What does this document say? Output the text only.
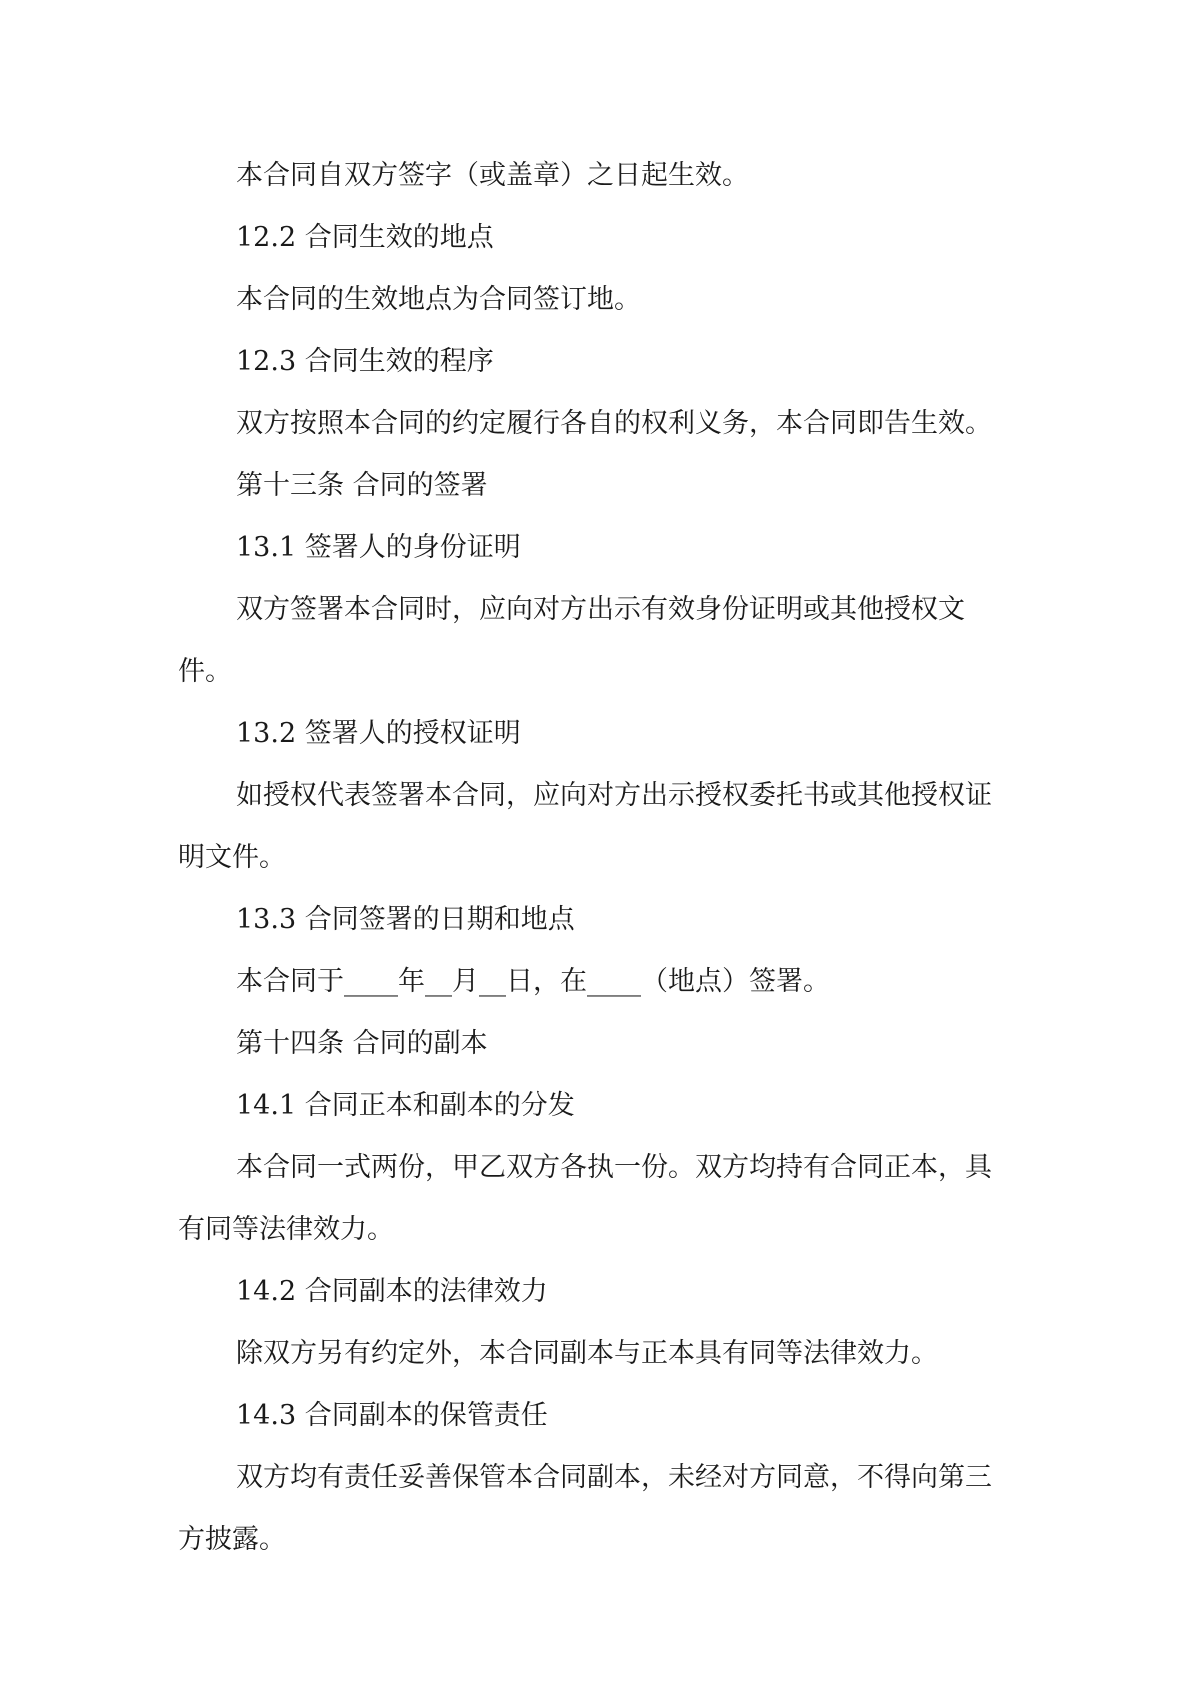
本合同自双方签字（或盖章）之日起生效。

12.2 合同生效的地点

本合同的生效地点为合同签订地。

12.3 合同生效的程序

双方按照本合同的约定履行各自的权利义务，本合同即告生效。

第十三条 合同的签署

13.1 签署人的身份证明

双方签署本合同时，应向对方出示有效身份证明或其他授权文件。

13.2 签署人的授权证明

如授权代表签署本合同，应向对方出示授权委托书或其他授权证明文件。

13.3 合同签署的日期和地点

本合同于____年__月__日，在____（地点）签署。

第十四条 合同的副本

14.1 合同正本和副本的分发

本合同一式两份，甲乙双方各执一份。双方均持有合同正本，具有同等法律效力。

14.2 合同副本的法律效力

除双方另有约定外，本合同副本与正本具有同等法律效力。

14.3 合同副本的保管责任

双方均有责任妥善保管本合同副本，未经对方同意，不得向第三方披露。
